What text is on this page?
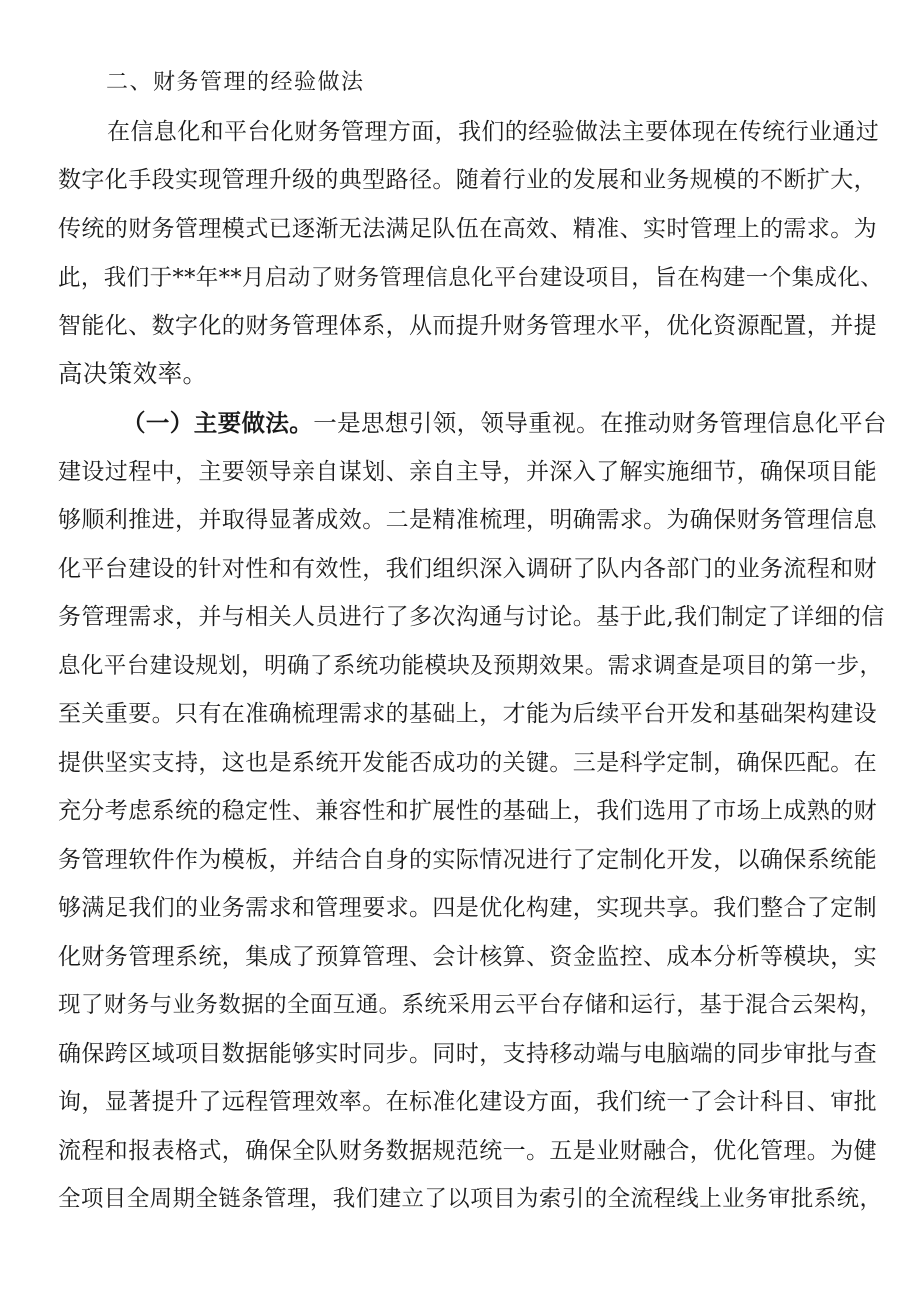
二、财务管理的经验做法
在信息化和平台化财务管理方面，我们的经验做法主要体现在传统行业通过
数字化手段实现管理升级的典型路径。随着行业的发展和业务规模的不断扩大，
传统的财务管理模式已逐渐无法满足队伍在高效、精准、实时管理上的需求。为
此，我们于**年**月启动了财务管理信息化平台建设项目，旨在构建一个集成化、
智能化、数字化的财务管理体系，从而提升财务管理水平，优化资源配置，并提
高决策效率。
（一）主要做法。一是思想引领，领导重视。在推动财务管理信息化平台
建设过程中，主要领导亲自谋划、亲自主导，并深入了解实施细节，确保项目能
够顺利推进，并取得显著成效。二是精准梳理，明确需求。为确保财务管理信息
化平台建设的针对性和有效性，我们组织深入调研了队内各部门的业务流程和财
务管理需求，并与相关人员进行了多次沟通与讨论。基于此,我们制定了详细的信
息化平台建设规划，明确了系统功能模块及预期效果。需求调查是项目的第一步，
至关重要。只有在准确梳理需求的基础上，才能为后续平台开发和基础架构建设
提供坚实支持，这也是系统开发能否成功的关键。三是科学定制，确保匹配。在
充分考虑系统的稳定性、兼容性和扩展性的基础上，我们选用了市场上成熟的财
务管理软件作为模板，并结合自身的实际情况进行了定制化开发，以确保系统能
够满足我们的业务需求和管理要求。四是优化构建，实现共享。我们整合了定制
化财务管理系统，集成了预算管理、会计核算、资金监控、成本分析等模块，实
现了财务与业务数据的全面互通。系统采用云平台存储和运行，基于混合云架构，
确保跨区域项目数据能够实时同步。同时，支持移动端与电脑端的同步审批与查
询，显著提升了远程管理效率。在标准化建设方面，我们统一了会计科目、审批
流程和报表格式，确保全队财务数据规范统一。五是业财融合，优化管理。为健
全项目全周期全链条管理，我们建立了以项目为索引的全流程线上业务审批系统，
